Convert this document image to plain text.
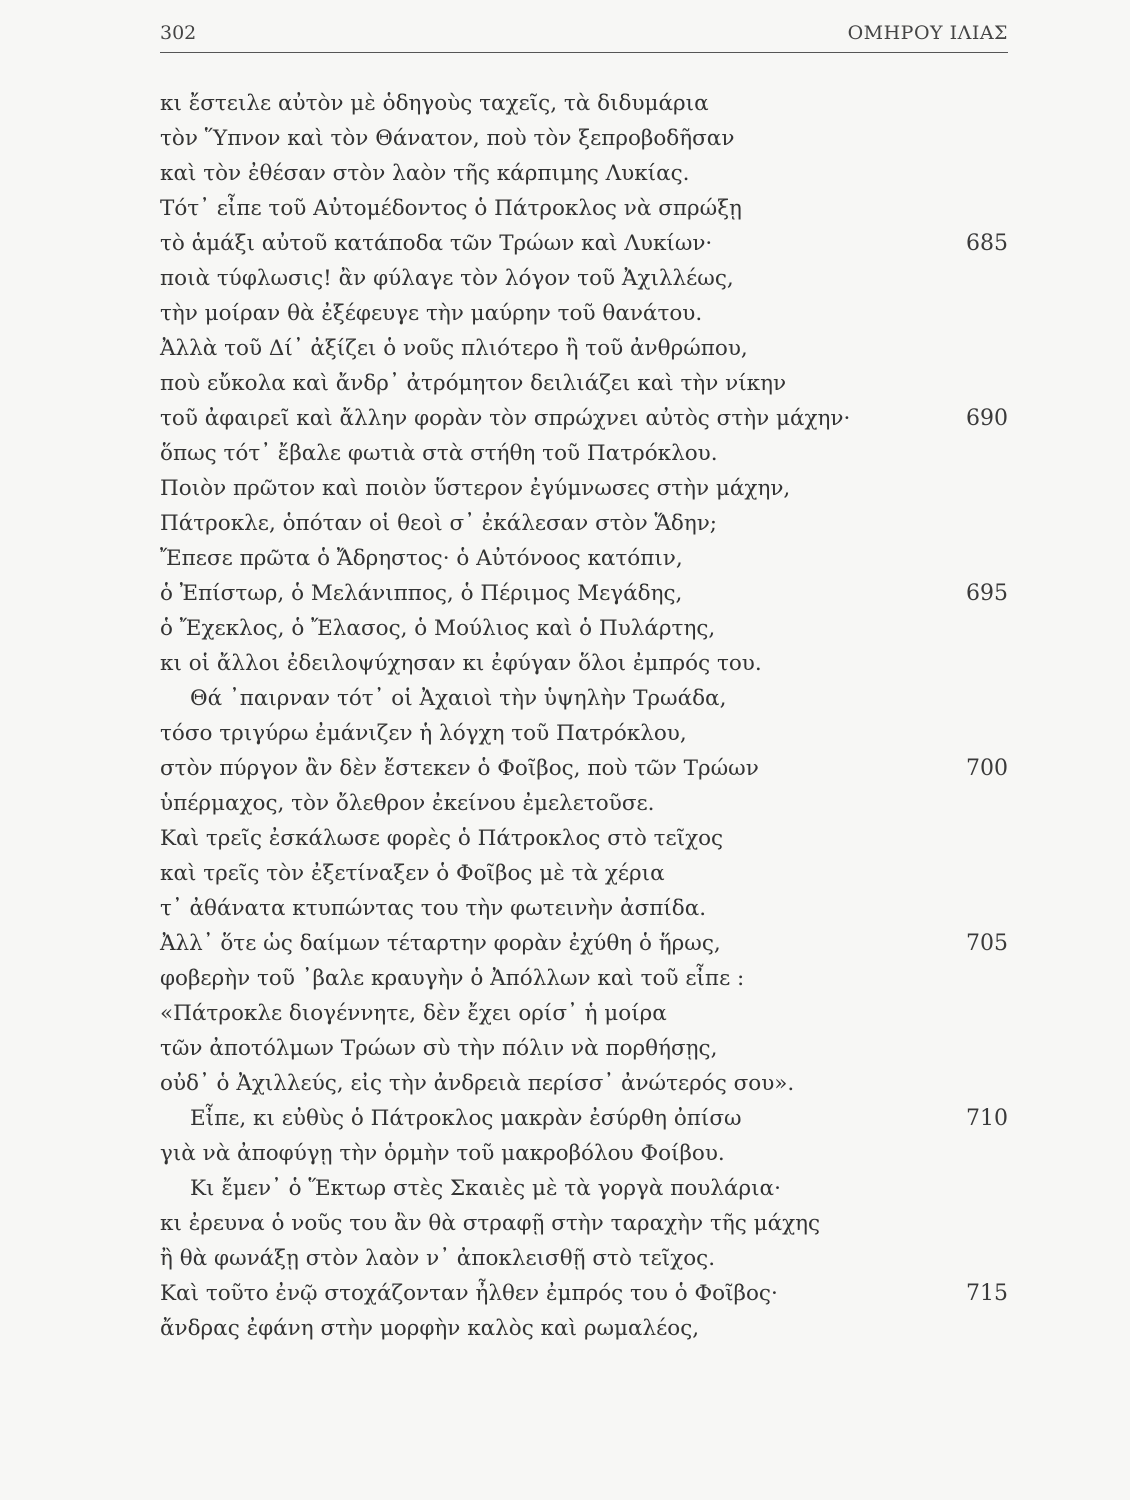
302	ΟΜΗΡΟΥ ΙΛΙΑΣ
κι ἔστειλε αὐτὸν μὲ ὁδηγοὺς ταχεῖς, τὰ διδυμάρια
τὸν Ὕπνον καὶ τὸν Θάνατον, ποὺ τὸν ξεπροβοδῆσαν
καὶ τὸν ἐθέσαν στὸν λαὸν τῆς κάρπιμης Λυκίας.
Τότ᾽ εἶπε τοῦ Αὐτομέδοντος ὁ Πάτροκλος νὰ σπρώξῃ
τὸ ἁμάξι αὐτοῦ κατάποδα τῶν Τρώων καὶ Λυκίων·	685
ποιὰ τύφλωσις! ἂν φύλαγε τὸν λόγον τοῦ Ἀχιλλέως,
τὴν μοίραν θὰ ἐξέφευγε τὴν μαύρην τοῦ θανάτου.
Ἀλλὰ τοῦ Δί᾽ ἀξίζει ὁ νοῦς πλιότερο ἢ τοῦ ἀνθρώπου,
ποὺ εὔκολα καὶ ἄνδρ᾽ ἀτρόμητον δειλιάζει καὶ τὴν νίκην
τοῦ ἀφαιρεῖ καὶ ἄλλην φορὰν τὸν σπρώχνει αὐτὸς στὴν μάχην·	690
ὅπως τότ᾽ ἔβαλε φωτιὰ στὰ στήθη τοῦ Πατρόκλου.
Ποιὸν πρῶτον καὶ ποιὸν ὕστερον ἐγύμνωσες στὴν μάχην,
Πάτροκλε, ὁπόταν οἱ θεοὶ σ᾽ ἐκάλεσαν στὸν Ἅδην;
Ἔπεσε πρῶτα ὁ Ἄδρηστος· ὁ Αὐτόνοος κατόπιν,
ὁ Ἐπίστωρ, ὁ Μελάνιππος, ὁ Πέριμος Μεγάδης,	695
ὁ Ἔχεκλος, ὁ Ἔλασος, ὁ Μούλιος καὶ ὁ Πυλάρτης,
κι οἱ ἄλλοι ἐδειλοψύχησαν κι ἐφύγαν ὅλοι ἐμπρός του.
Θά ᾽παιρναν τότ᾽ οἱ Ἀχαιοὶ τὴν ὑψηλὴν Τρωάδα,
τόσο τριγύρω ἐμάνιζεν ἡ λόγχη τοῦ Πατρόκλου,
στὸν πύργον ἂν δὲν ἔστεκεν ὁ Φοῖβος, ποὺ τῶν Τρώων	700
ὑπέρμαχος, τὸν ὄλεθρον ἐκείνου ἐμελετοῦσε.
Καὶ τρεῖς ἐσκάλωσε φορὲς ὁ Πάτροκλος στὸ τεῖχος
καὶ τρεῖς τὸν ἐξετίναξεν ὁ Φοῖβος μὲ τὰ χέρια
τ᾽ ἀθάνατα κτυπώντας του τὴν φωτεινὴν ἀσπίδα.
Ἀλλ᾽ ὅτε ὡς δαίμων τέταρτην φορὰν ἐχύθη ὁ ἥρως,	705
φοβερὴν τοῦ ᾽βαλε κραυγὴν ὁ Ἀπόλλων καὶ τοῦ εἶπε :
«Πάτροκλε διογέννητε, δὲν ἔχει ορίσ᾽ ἡ μοίρα
τῶν ἀποτόλμων Τρώων σὺ τὴν πόλιν νὰ πορθήσῃς,
οὐδ᾽ ὁ Ἀχιλλεύς, εἰς τὴν ἀνδρειὰ περίσσ᾽ ἀνώτερός σου».
Εἶπε, κι εὐθὺς ὁ Πάτροκλος μακρὰν ἐσύρθη ὀπίσω	710
γιὰ νὰ ἀποφύγῃ τὴν ὁρμὴν τοῦ μακροβόλου Φοίβου.
Κι ἔμεν᾽ ὁ Ἕκτωρ στὲς Σκαιὲς μὲ τὰ γοργὰ πουλάρια·
κι ἐρευνα ὁ νοῦς του ἂν θὰ στραφῇ στὴν ταραχὴν τῆς μάχης
ἢ θὰ φωνάξῃ στὸν λαὸν ν᾽ ἀποκλεισθῇ στὸ τεῖχος.
Καὶ τοῦτο ἐνῷ στοχάζονταν ἦλθεν ἐμπρός του ὁ Φοῖβος·	715
ἄνδρας ἐφάνη στὴν μορφὴν καλὸς καὶ ρωμαλέος,
